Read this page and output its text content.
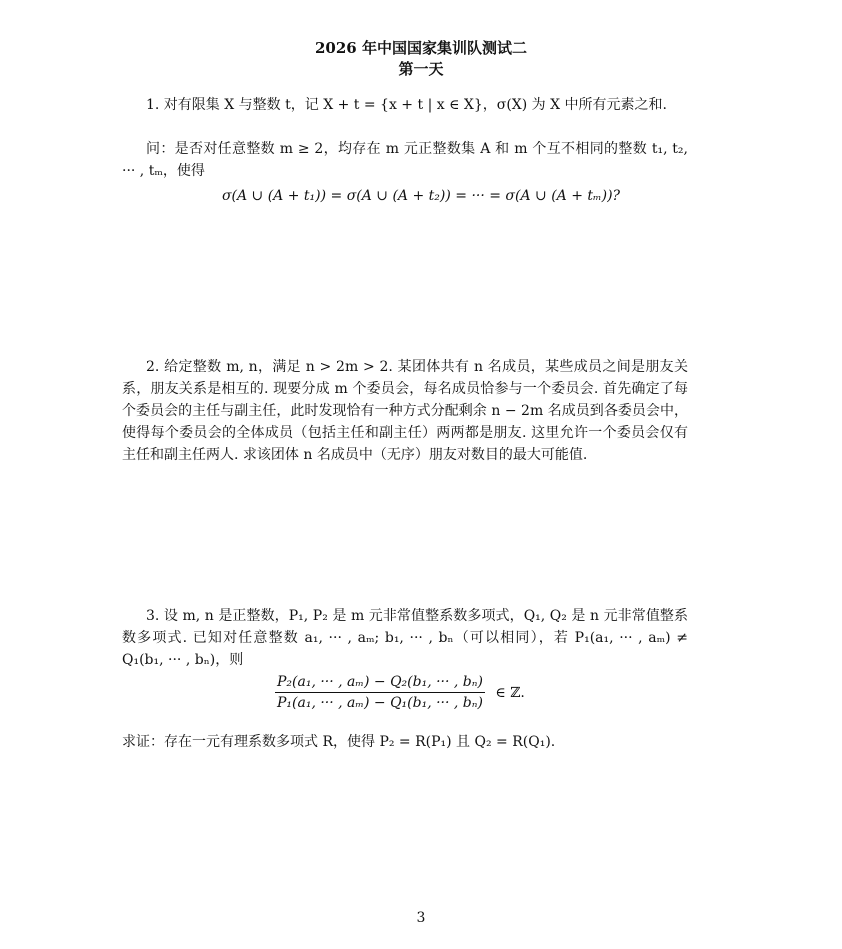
2026 年中国国家集训队测试二
第一天
1. 对有限集 X 与整数 t，记 X + t = {x + t | x ∈ X}，σ(X) 为 X 中所有元素之和.
问：是否对任意整数 m ≥ 2，均存在 m 元正整数集 A 和 m 个互不相同的整数 t₁, t₂, ··· , tₘ，使得
σ(A ∪ (A + t₁)) = σ(A ∪ (A + t₂)) = ··· = σ(A ∪ (A + tₘ))?
2. 给定整数 m, n，满足 n > 2m > 2. 某团体共有 n 名成员，某些成员之间是朋友关系，朋友关系是相互的. 现要分成 m 个委员会，每名成员恰参与一个委员会. 首先确定了每个委员会的主任与副主任，此时发现恰有一种方式分配剩余 n − 2m 名成员到各委员会中，使得每个委员会的全体成员（包括主任和副主任）两两都是朋友. 这里允许一个委员会仅有主任和副主任两人. 求该团体 n 名成员中（无序）朋友对数目的最大可能值.
3. 设 m, n 是正整数，P₁, P₂ 是 m 元非常值整系数多项式，Q₁, Q₂ 是 n 元非常值整系数多项式. 已知对任意整数 a₁, ··· , aₘ; b₁, ··· , bₙ（可以相同），若 P₁(a₁, ··· , aₘ) ≠ Q₁(b₁, ··· , bₙ)，则
$\frac{\text{P₂(a₁, ··· , aₘ) − Q₂(b₁, ··· , bₙ)}}{\text{P₁(a₁, ··· , aₘ) − Q₁(b₁, ··· , bₙ)}}$ ∈ ℤ.
求证：存在一元有理系数多项式 R，使得 P₂ = R(P₁) 且 Q₂ = R(Q₁).
3
